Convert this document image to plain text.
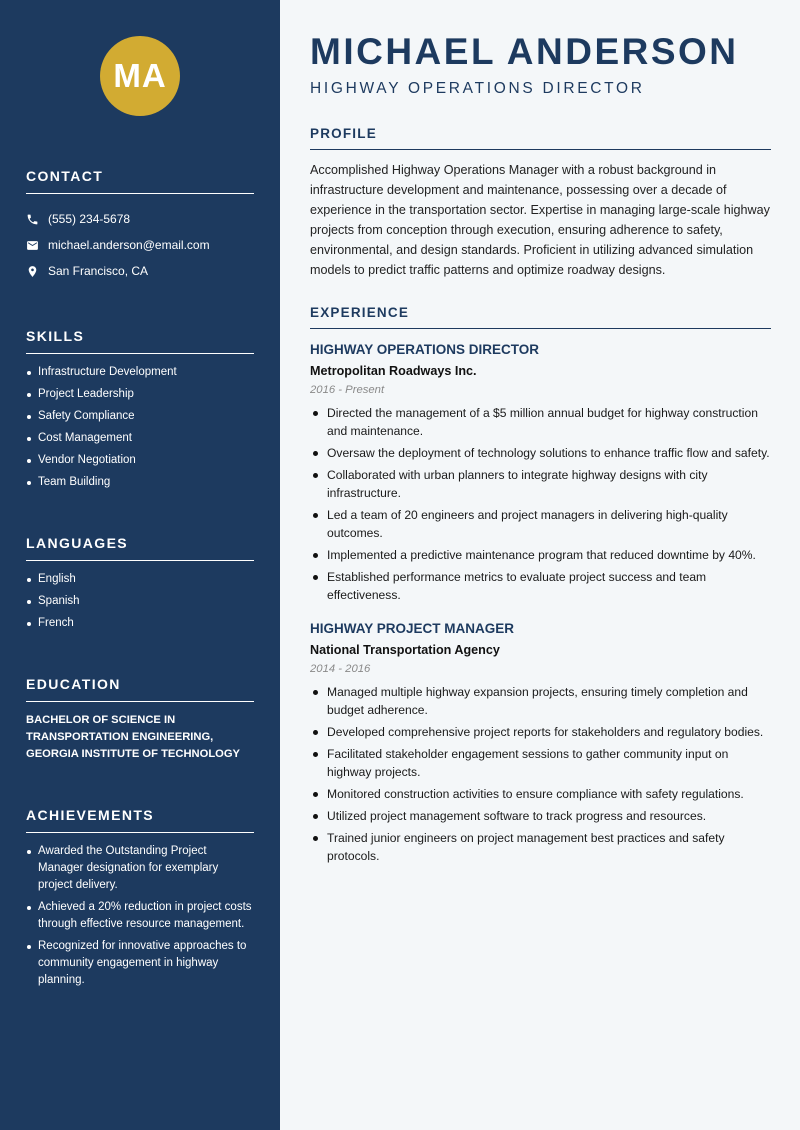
MA
CONTACT
(555) 234-5678
michael.anderson@email.com
San Francisco, CA
SKILLS
Infrastructure Development
Project Leadership
Safety Compliance
Cost Management
Vendor Negotiation
Team Building
LANGUAGES
English
Spanish
French
EDUCATION
BACHELOR OF SCIENCE IN
TRANSPORTATION ENGINEERING,
GEORGIA INSTITUTE OF TECHNOLOGY
ACHIEVEMENTS
Awarded the Outstanding Project Manager designation for exemplary project delivery.
Achieved a 20% reduction in project costs through effective resource management.
Recognized for innovative approaches to community engagement in highway planning.
MICHAEL ANDERSON
HIGHWAY OPERATIONS DIRECTOR
PROFILE

Accomplished Highway Operations Manager with a robust background in infrastructure development and maintenance, possessing over a decade of experience in the transportation sector. Expertise in managing large-scale highway projects from conception through execution, ensuring adherence to safety, environmental, and design standards. Proficient in utilizing advanced simulation models to predict traffic patterns and optimize roadway designs.

EXPERIENCE
HIGHWAY OPERATIONS DIRECTOR
Metropolitan Roadways Inc.
2016 - Present
Directed the management of a $5 million annual budget for highway construction and maintenance.
Oversaw the deployment of technology solutions to enhance traffic flow and safety.
Collaborated with urban planners to integrate highway designs with city infrastructure.
Led a team of 20 engineers and project managers in delivering high-quality outcomes.
Implemented a predictive maintenance program that reduced downtime by 40%.
Established performance metrics to evaluate project success and team effectiveness.
HIGHWAY PROJECT MANAGER
National Transportation Agency
2014 - 2016
Managed multiple highway expansion projects, ensuring timely completion and budget adherence.
Developed comprehensive project reports for stakeholders and regulatory bodies.
Facilitated stakeholder engagement sessions to gather community input on highway projects.
Monitored construction activities to ensure compliance with safety regulations.
Utilized project management software to track progress and resources.
Trained junior engineers on project management best practices and safety protocols.
